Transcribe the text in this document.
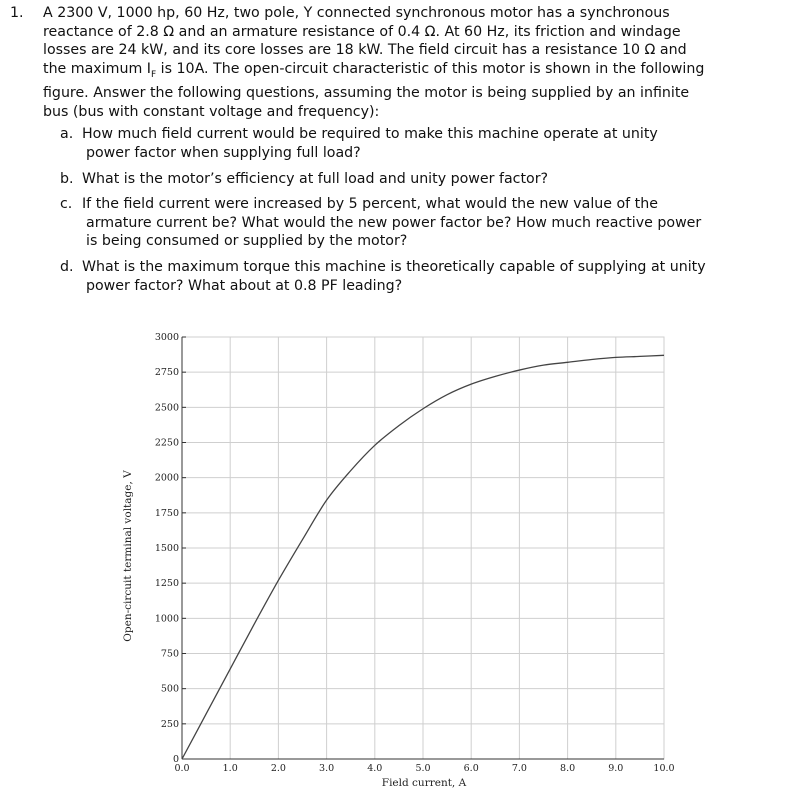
1.	A 2300 V, 1000 hp, 60 Hz, two pole, Y connected synchronous motor has a synchronous
reactance of 2.8 Ω and an armature resistance of 0.4 Ω. At 60 Hz, its friction and windage
losses are 24 kW, and its core losses are 18 kW. The field circuit has a resistance 10 Ω and
the maximum $I_F$ is 10A. The open-circuit characteristic of this motor is shown in the following
figure. Answer the following questions, assuming the motor is being supplied by an infinite
bus (bus with constant voltage and frequency):
a. How much field current would be required to make this machine operate at unity
power factor when supplying full load?
b. What is the motor’s efficiency at full load and unity power factor?
c. If the field current were increased by 5 percent, what would the new value of the
armature current be? What would the new power factor be? How much reactive power
is being consumed or supplied by the motor?
d. What is the maximum torque this machine is theoretically capable of supplying at unity
power factor? What about at 0.8 PF leading?
0.0	1.0	2.0	3.0	4.0	5.0	6.0	7.0	8.0	9.0	10.0
0
250
500
750
1000
1250
1500
1750
2000
2250
2500
2750
3000
Field current, A
Open-circuit terminal voltage, V
